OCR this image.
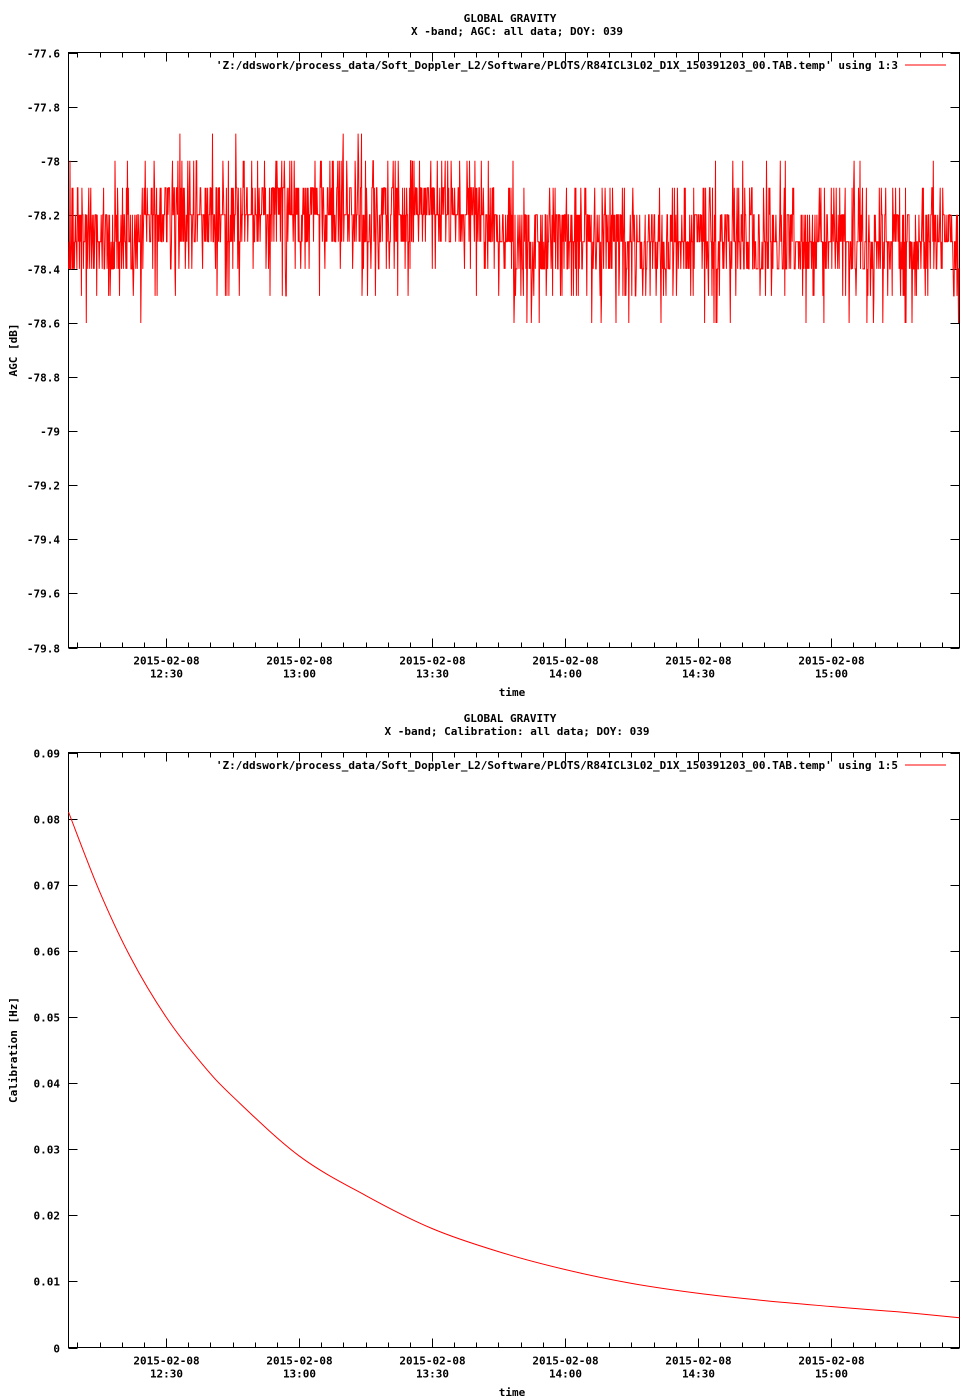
GLOBAL GRAVITY
X -band; AGC: all data; DOY: 039
time
AGC [dB]
-77.6
-77.8
-78
-78.2
-78.4
-78.6
-78.8
-79
-79.2
-79.4
-79.6
-79.8
2015-02-08
12:30
2015-02-08
13:00
2015-02-08
13:30
2015-02-08
14:00
2015-02-08
14:30
2015-02-08
15:00
'Z:/ddswork/process_data/Soft_Doppler_L2/Software/PLOTS/R84ICL3L02_D1X_150391203_00.TAB.temp' using 1:3
GLOBAL GRAVITY
X -band; Calibration: all data; DOY: 039
time
Calibration [Hz]
0.09
0.08
0.07
0.06
0.05
0.04
0.03
0.02
0.01
0
2015-02-08
12:30
2015-02-08
13:00
2015-02-08
13:30
2015-02-08
14:00
2015-02-08
14:30
2015-02-08
15:00
'Z:/ddswork/process_data/Soft_Doppler_L2/Software/PLOTS/R84ICL3L02_D1X_150391203_00.TAB.temp' using 1:5
